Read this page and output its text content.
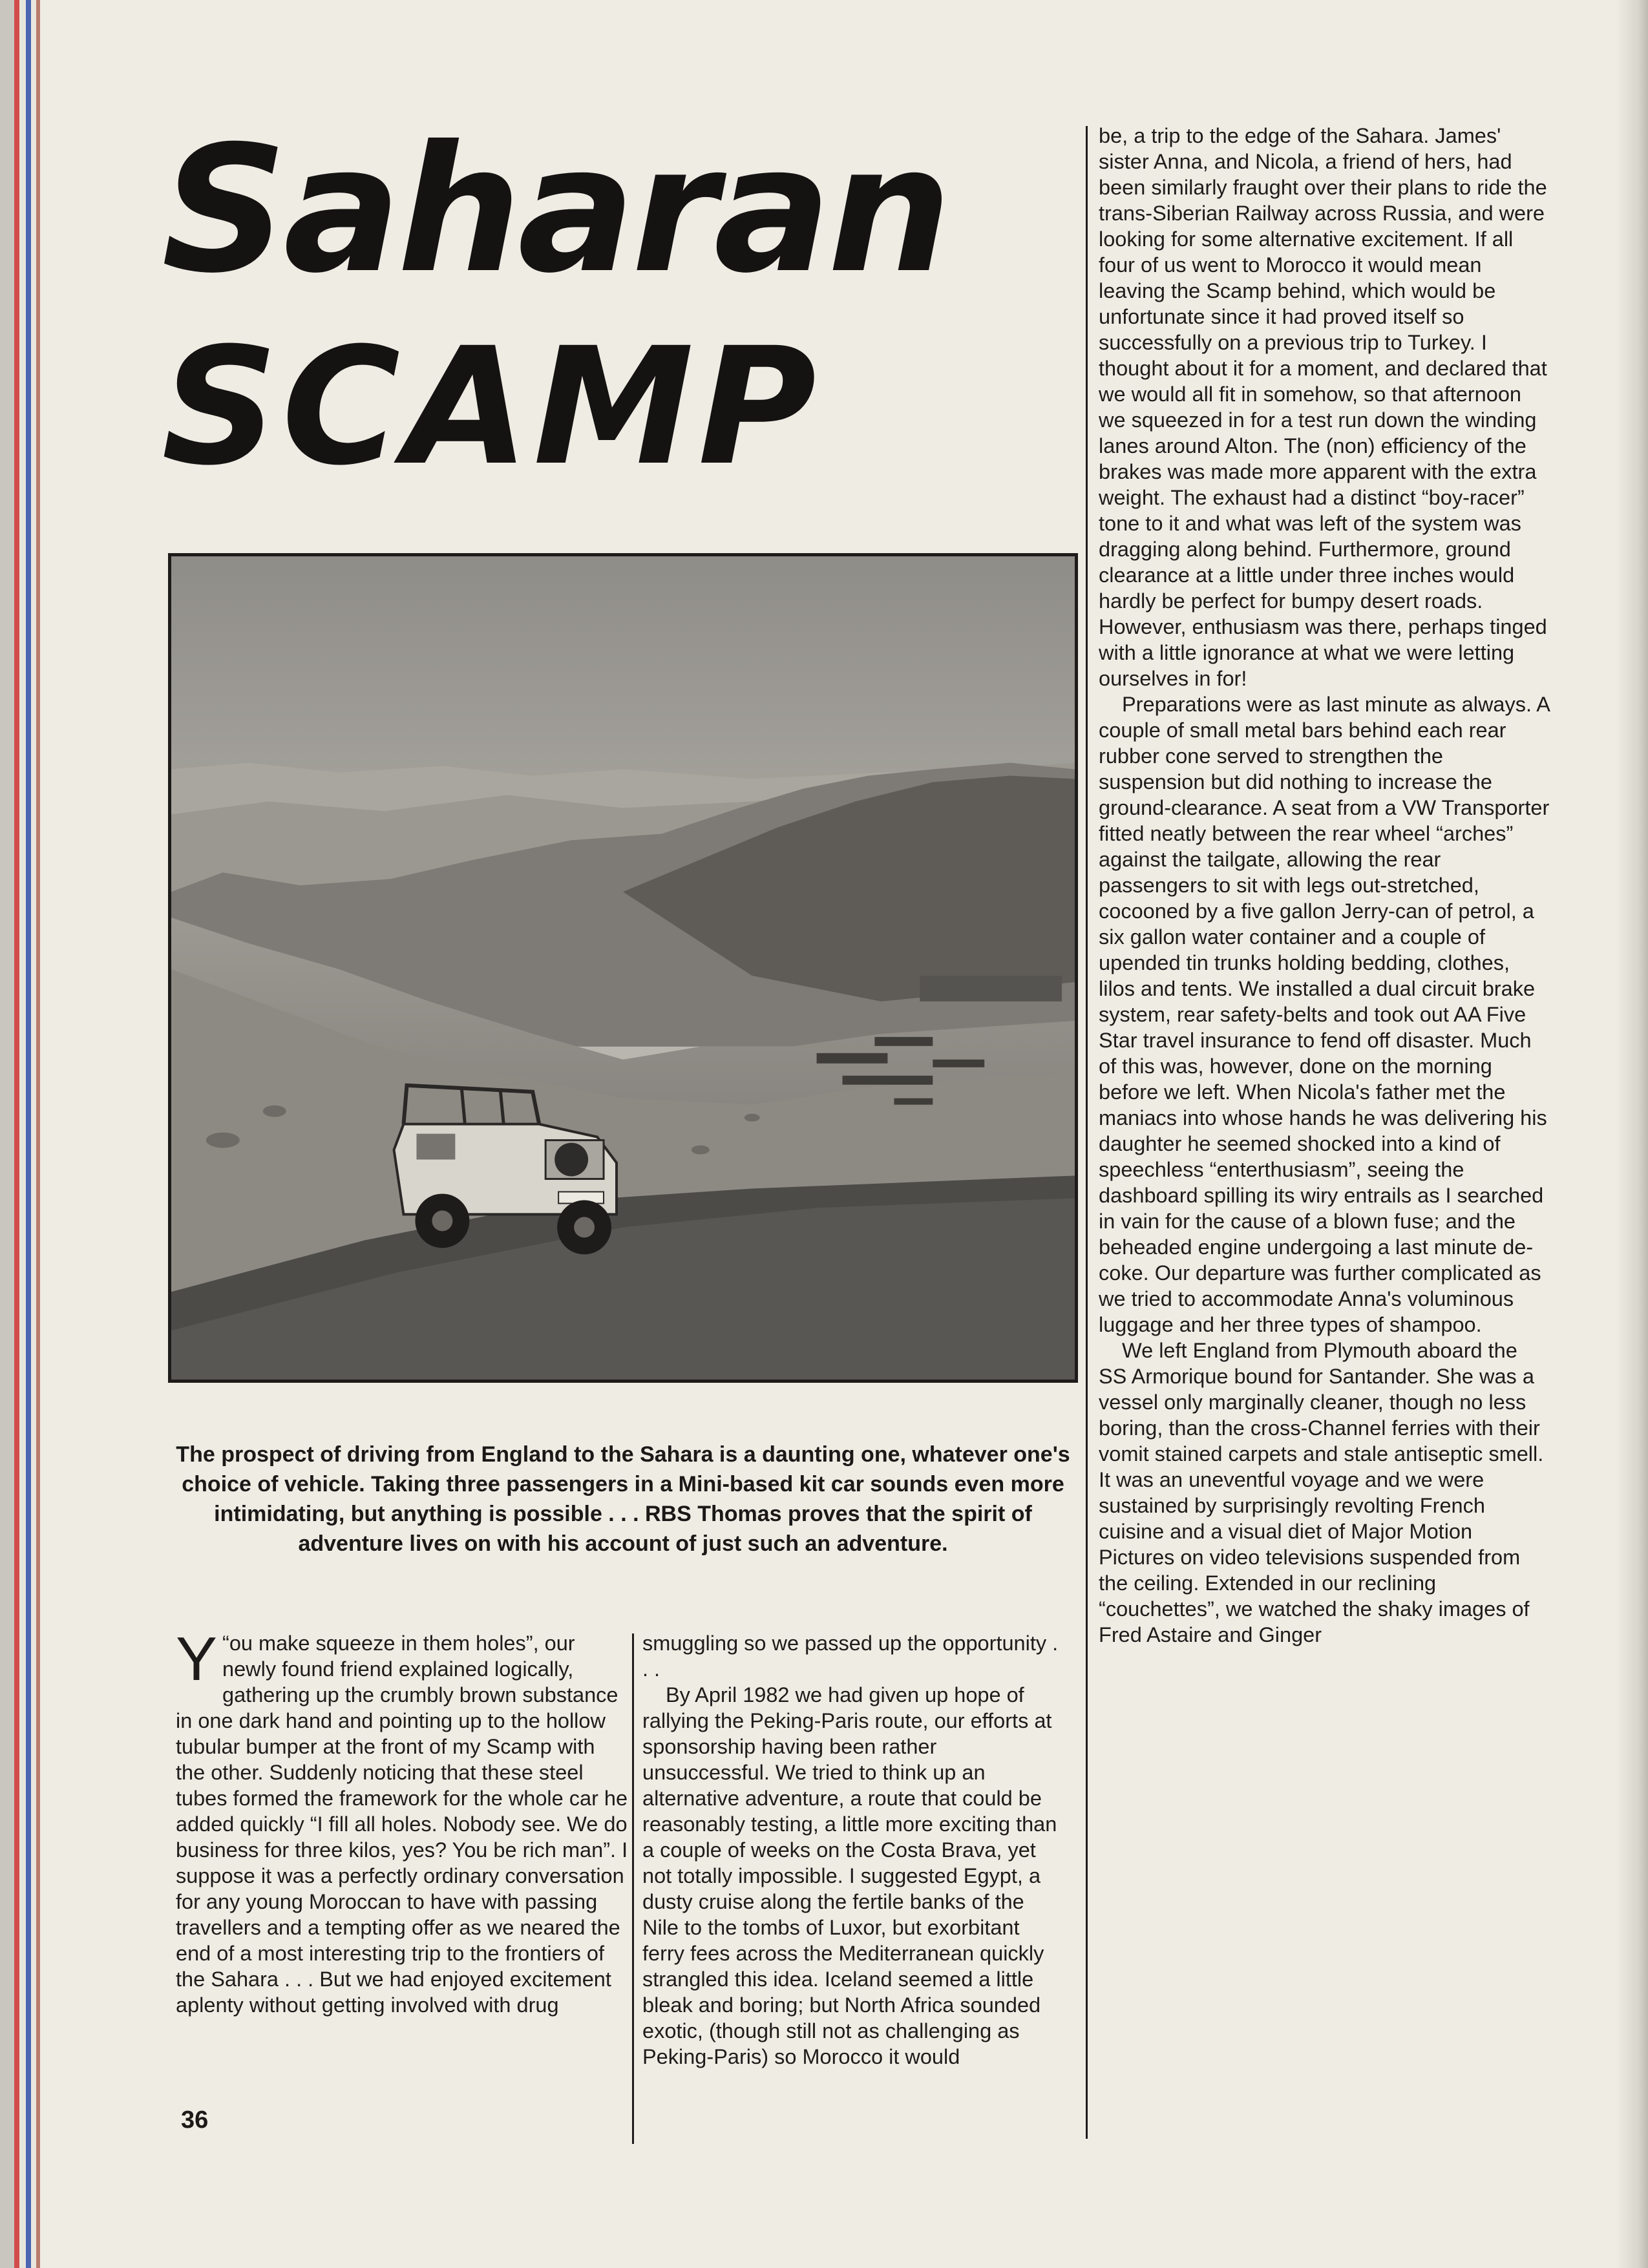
Saharan
SCAMP

The prospect of driving from England to the Sahara is a daunting one, whatever one's choice of vehicle. Taking three passengers in a Mini-based kit car sounds even more intimidating, but anything is possible . . . RBS Thomas proves that the spirit of adventure lives on with his account of just such an adventure.

“
Y ou make squeeze in them holes”, our newly found friend explained logically, gathering up the crumbly brown substance in one dark hand and pointing up to the hollow tubular bumper at the front of my Scamp with the other. Suddenly noticing that these steel tubes formed the framework for the whole car he added quickly “I fill all holes. Nobody see. We do business for three kilos, yes? You be rich man”. I suppose it was a perfectly ordinary conversation for any young Moroccan to have with passing travellers and a tempting offer as we neared the end of a most interesting trip to the frontiers of the Sahara . . . But we had enjoyed excitement aplenty without getting involved with drug

smuggling so we passed up the opportunity . . .

By April 1982 we had given up hope of rallying the Peking-Paris route, our efforts at sponsorship having been rather unsuccessful. We tried to think up an alternative adventure, a route that could be reasonably testing, a little more exciting than a couple of weeks on the Costa Brava, yet not totally impossible. I suggested Egypt, a dusty cruise along the fertile banks of the Nile to the tombs of Luxor, but exorbitant ferry fees across the Mediterranean quickly strangled this idea. Iceland seemed a little bleak and boring; but North Africa sounded exotic, (though still not as challenging as Peking-Paris) so Morocco it would

be, a trip to the edge of the Sahara. James' sister Anna, and Nicola, a friend of hers, had been similarly fraught over their plans to ride the trans-Siberian Railway across Russia, and were looking for some alternative excitement. If all four of us went to Morocco it would mean leaving the Scamp behind, which would be unfortunate since it had proved itself so successfully on a previous trip to Turkey. I thought about it for a moment, and declared that we would all fit in somehow, so that afternoon we squeezed in for a test run down the winding lanes around Alton. The (non) efficiency of the brakes was made more apparent with the extra weight. The exhaust had a distinct “boy-racer” tone to it and what was left of the system was dragging along behind. Furthermore, ground clearance at a little under three inches would hardly be perfect for bumpy desert roads. However, enthusiasm was there, perhaps tinged with a little ignorance at what we were letting ourselves in for!

Preparations were as last minute as always. A couple of small metal bars behind each rear rubber cone served to strengthen the suspension but did nothing to increase the ground-clearance. A seat from a VW Transporter fitted neatly between the rear wheel “arches” against the tailgate, allowing the rear passengers to sit with legs out-stretched, cocooned by a five gallon Jerry-can of petrol, a six gallon water container and a couple of upended tin trunks holding bedding, clothes, lilos and tents. We installed a dual circuit brake system, rear safety-belts and took out AA Five Star travel insurance to fend off disaster. Much of this was, however, done on the morning before we left. When Nicola's father met the maniacs into whose hands he was delivering his daughter he seemed shocked into a kind of speechless “enterthusiasm”, seeing the dashboard spilling its wiry entrails as I searched in vain for the cause of a blown fuse; and the beheaded engine undergoing a last minute de-coke. Our departure was further complicated as we tried to accommodate Anna's voluminous luggage and her three types of shampoo.

We left England from Plymouth aboard the SS Armorique bound for Santander. She was a vessel only marginally cleaner, though no less boring, than the cross-Channel ferries with their vomit stained carpets and stale antiseptic smell. It was an uneventful voyage and we were sustained by surprisingly revolting French cuisine and a visual diet of Major Motion Pictures on video televisions suspended from the ceiling. Extended in our reclining “couchettes”, we watched the shaky images of Fred Astaire and Ginger

36
